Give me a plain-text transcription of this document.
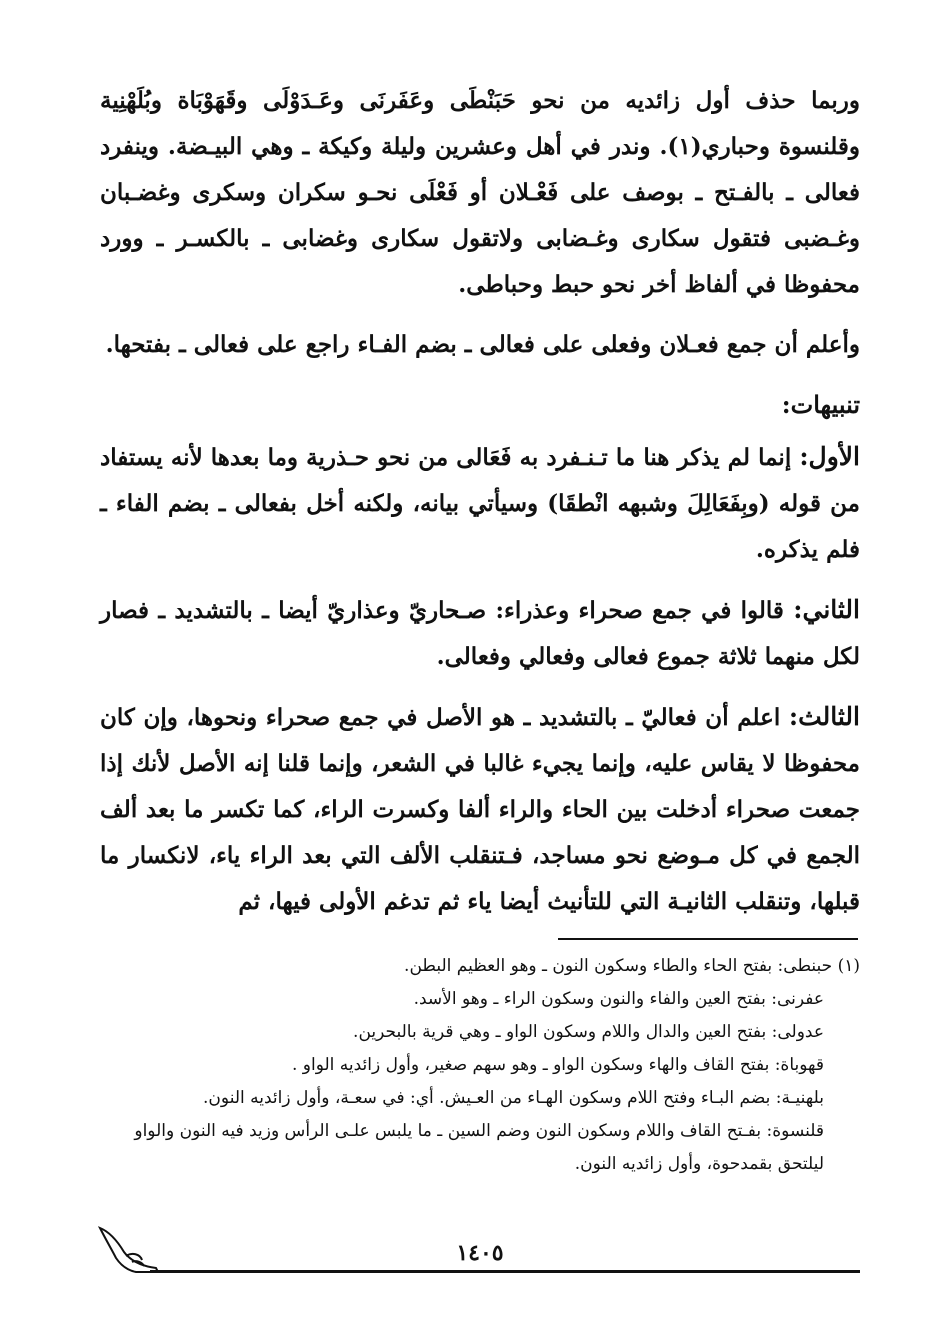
وربما حذف أول زائديه من نحو حَبَنْطَى وعَفَرنَى وعَـدَوْلَى وقَهَوْبَاة وبُلَهْنِية وقلنسوة وحباري(١). وندر في أهل وعشرين وليلة وكيكة ـ وهي البيـضة. وينفرد فعالى ـ بالفـتح ـ بوصف على فَعْـلان أو فَعْلَى نحـو سكران وسكرى وغضـبان وغـضبى فتقول سكارى وغـضابى ولاتقول سكارى وغضابى ـ بالكسـر ـ وورد محفوظا في ألفاظ أخر نحو حبط وحباطى.

وأعلم أن جمع فعـلان وفعلى على فعالى ـ بضم الفـاء راجع على فعالى ـ بفتحها.

تنبيهات:

الأول: إنما لم يذكر هنا ما تـنـفرد به فَعَالى من نحو حـذرية وما بعدها لأنه يستفاد من قوله (وبِفَعَالِلَ وشبهه انْطقَا) وسيأتي بيانه، ولكنه أخل بفعالى ـ بضم الفاء ـ فلم يذكره.

الثاني: قالوا في جمع صحراء وعذراء: صـحاريّ وعذاريّ أيضا ـ بالتشديد ـ فصار لكل منهما ثلاثة جموع فعالى وفعالي وفعالى.

الثالث: اعلم أن فعاليّ ـ بالتشديد ـ هو الأصل في جمع صحراء ونحوها، وإن كان محفوظا لا يقاس عليه، وإنما يجيء غالبا في الشعر، وإنما قلنا إنه الأصل لأنك إذا جمعت صحراء أدخلت بين الحاء والراء ألفا وكسرت الراء، كما تكسر ما بعد ألف الجمع في كل مـوضع نحو مساجد، فـتنقلب الألف التي بعد الراء ياء، لانكسار ما قبلها، وتنقلب الثانيـة التي للتأنيث أيضا ياء ثم تدغم الأولى فيها، ثم

(١) حبنطى: بفتح الحاء والطاء وسكون النون ـ وهو العظيم البطن.

عفرنى: بفتح العين والفاء والنون وسكون الراء ـ وهو الأسد.

عدولى: بفتح العين والدال واللام وسكون الواو ـ وهي قرية بالبحرين.

قهوباة: بفتح القاف والهاء وسكون الواو ـ وهو سهم صغير، وأول زائديه الواو .

بلهنيـة: بضم البـاء وفتح اللام وسكون الهـاء من العـيش. أي: في سعـة، وأول زائديه النون.

قلنسوة: بفـتح القاف واللام وسكون النون وضم السين ـ ما يلبس علـى الرأس وزيد فيه النون والواو ليلتحق بقمدحوة، وأول زائديه النون.

١٤٠٥
